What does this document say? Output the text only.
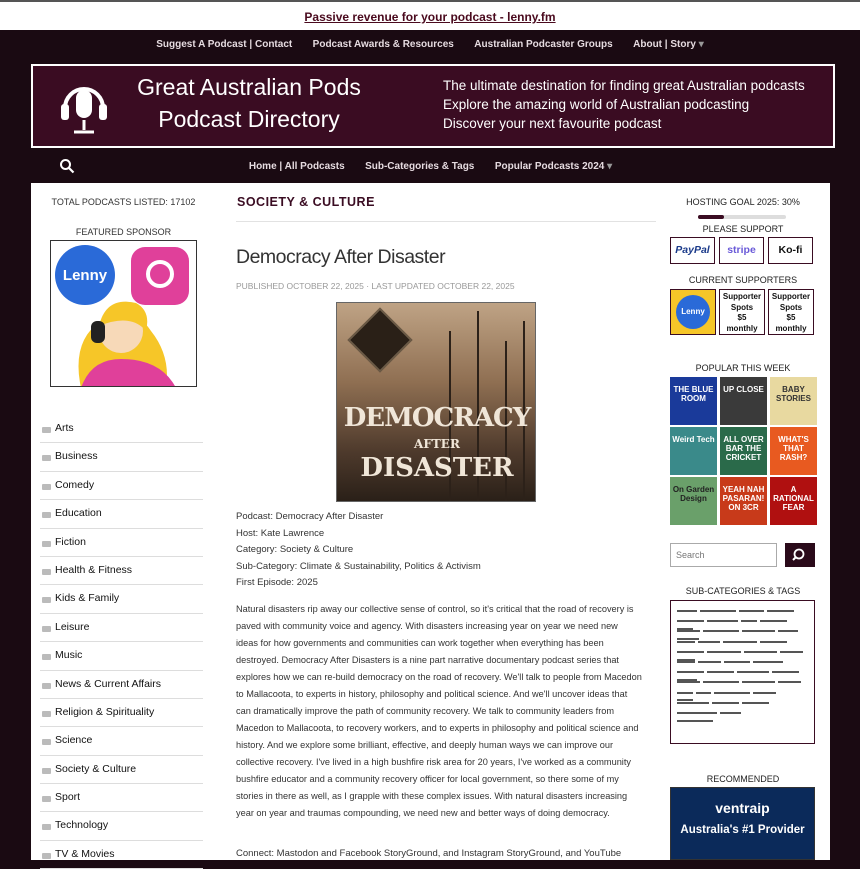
Passive revenue for your podcast - lenny.fm
Suggest A Podcast | Contact Podcast Awards & Resources Australian Podcaster Groups About | Story ▾
Great Australian Pods
Podcast Directory
The ultimate destination for finding great Australian podcasts
Explore the amazing world of Australian podcasting
Discover your next favourite podcast
Home | All Podcasts Sub-Categories & Tags Popular Podcasts 2024 ▾
TOTAL PODCASTS LISTED: 17102
FEATURED SPONSOR
Lenny
Arts
Business
Comedy
Education
Fiction
Health & Fitness
Kids & Family
Leisure
Music
News & Current Affairs
Religion & Spirituality
Science
Society & Culture
Sport
Technology
TV & Movies
SOCIETY & CULTURE
Democracy After Disaster
PUBLISHED OCTOBER 22, 2025 · LAST UPDATED OCTOBER 22, 2025
DEMOCRACY
AFTER
DISASTER
Podcast: Democracy After Disaster
Host: Kate Lawrence
Category: Society & Culture
Sub-Category: Climate & Sustainability, Politics & Activism
First Episode: 2025
Natural disasters rip away our collective sense of control, so it's critical that the road of recovery is paved with community voice and agency. With disasters increasing year on year we need new ideas for how governments and communities can work together when everything has been destroyed. Democracy After Disasters is a nine part narrative documentary podcast series that explores how we can re-build democracy on the road of recovery. We'll talk to people from Macedon to Mallacoota, to experts in history, philosophy and political science. And we'll uncover ideas that can dramatically improve the path of community recovery. We talk to community leaders from Macedon to Mallacoota, to recovery workers, and to experts in philosophy and political science and history. And we explore some brilliant, effective, and deeply human ways we can improve our collective recovery. I've lived in a high bushfire risk area for 20 years, I've worked as a community bushfire educator and a community recovery officer for local government, so there some of my stories in there as well, as I grapple with these complex issues. With natural disasters increasing year on year and traumas compounding, we need new and better ways of doing democracy.
Connect: Mastodon and Facebook StoryGround, and Instagram StoryGround, and YouTube
HOSTING GOAL 2025: 30%
PLEASE SUPPORT
PayPal	stripe	Ko-fi
CURRENT SUPPORTERS
Lenny
Supporter
Spots
$5
monthly
Supporter
Spots
$5
monthly
POPULAR THIS WEEK
THE BLUE ROOM
UP CLOSE	BABY STORIES
Weird Tech	ALL OVER BAR THE CRICKET
WHAT'S THAT RASH?
On Garden Design
YEAH NAH PASARAN! ON 3CR
A RATIONAL FEAR
Search
SUB-CATEGORIES & TAGS
RECOMMENDED
ventraip
Australia's #1 Provider
